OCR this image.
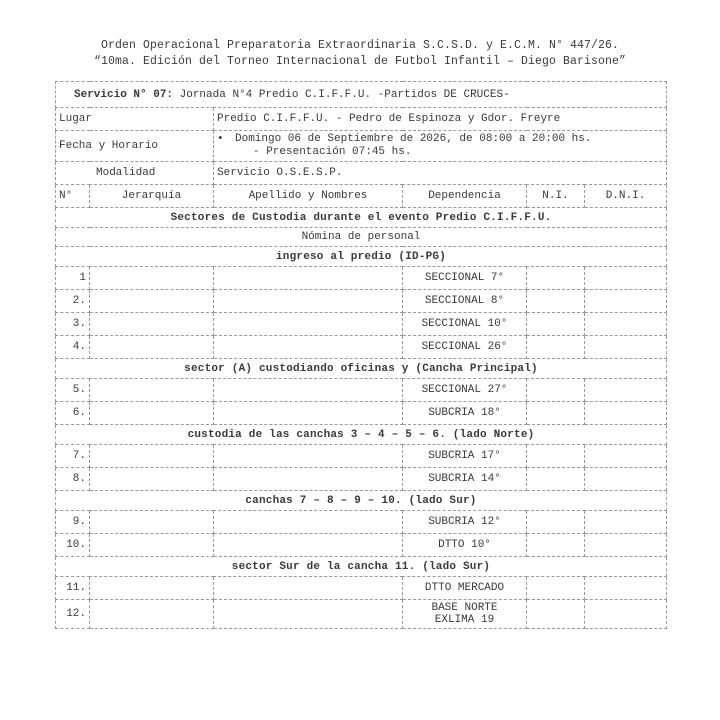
Orden Operacional Preparatoria Extraordinaria S.C.S.D. y E.C.M. N° 447/26.
“10ma. Edición del Torneo Internacional de Futbol Infantil – Diego Barisone”
Servicio N° 07: Jornada N°4 Predio C.I.F.F.U. -Partidos DE CRUCES-					
Lugar		Predio C.I.F.F.U. - Pedro de Espinoza y Gdor. Freyre			
Fecha y Horario		• Domingo 06 de Septiembre de 2026, de 08:00 a 20:00 hs.
- Presentación 07:45 hs.			

Modalidad		Servicio O.S.E.S.P.			
N°	Jerarquía	Apellido y Nombres	Dependencia	N.I.	D.N.I.
Sectores de Custodia durante el evento Predio C.I.F.F.U.					
Nómina de personal					
ingreso al predio (ID-PG)					
1			SECCIONAL 7°		
2.			SECCIONAL 8°		
3.			SECCIONAL 10°		
4.			SECCIONAL 26°		
sector (A) custodiando oficinas y (Cancha Principal)					
5.			SECCIONAL 27°		
6.			SUBCRIA 18°		
custodia de las canchas 3 – 4 – 5 – 6. (lado Norte)					
7.			SUBCRIA 17°		
8.			SUBCRIA 14°		
canchas 7 – 8 – 9 – 10. (lado Sur)					
9.			SUBCRIA 12°		
10.			DTTO 10°		
sector Sur de la cancha 11. (lado Sur)					
11.			DTTO MERCADO		
12.			BASE NORTE
EXLIMA 19		
